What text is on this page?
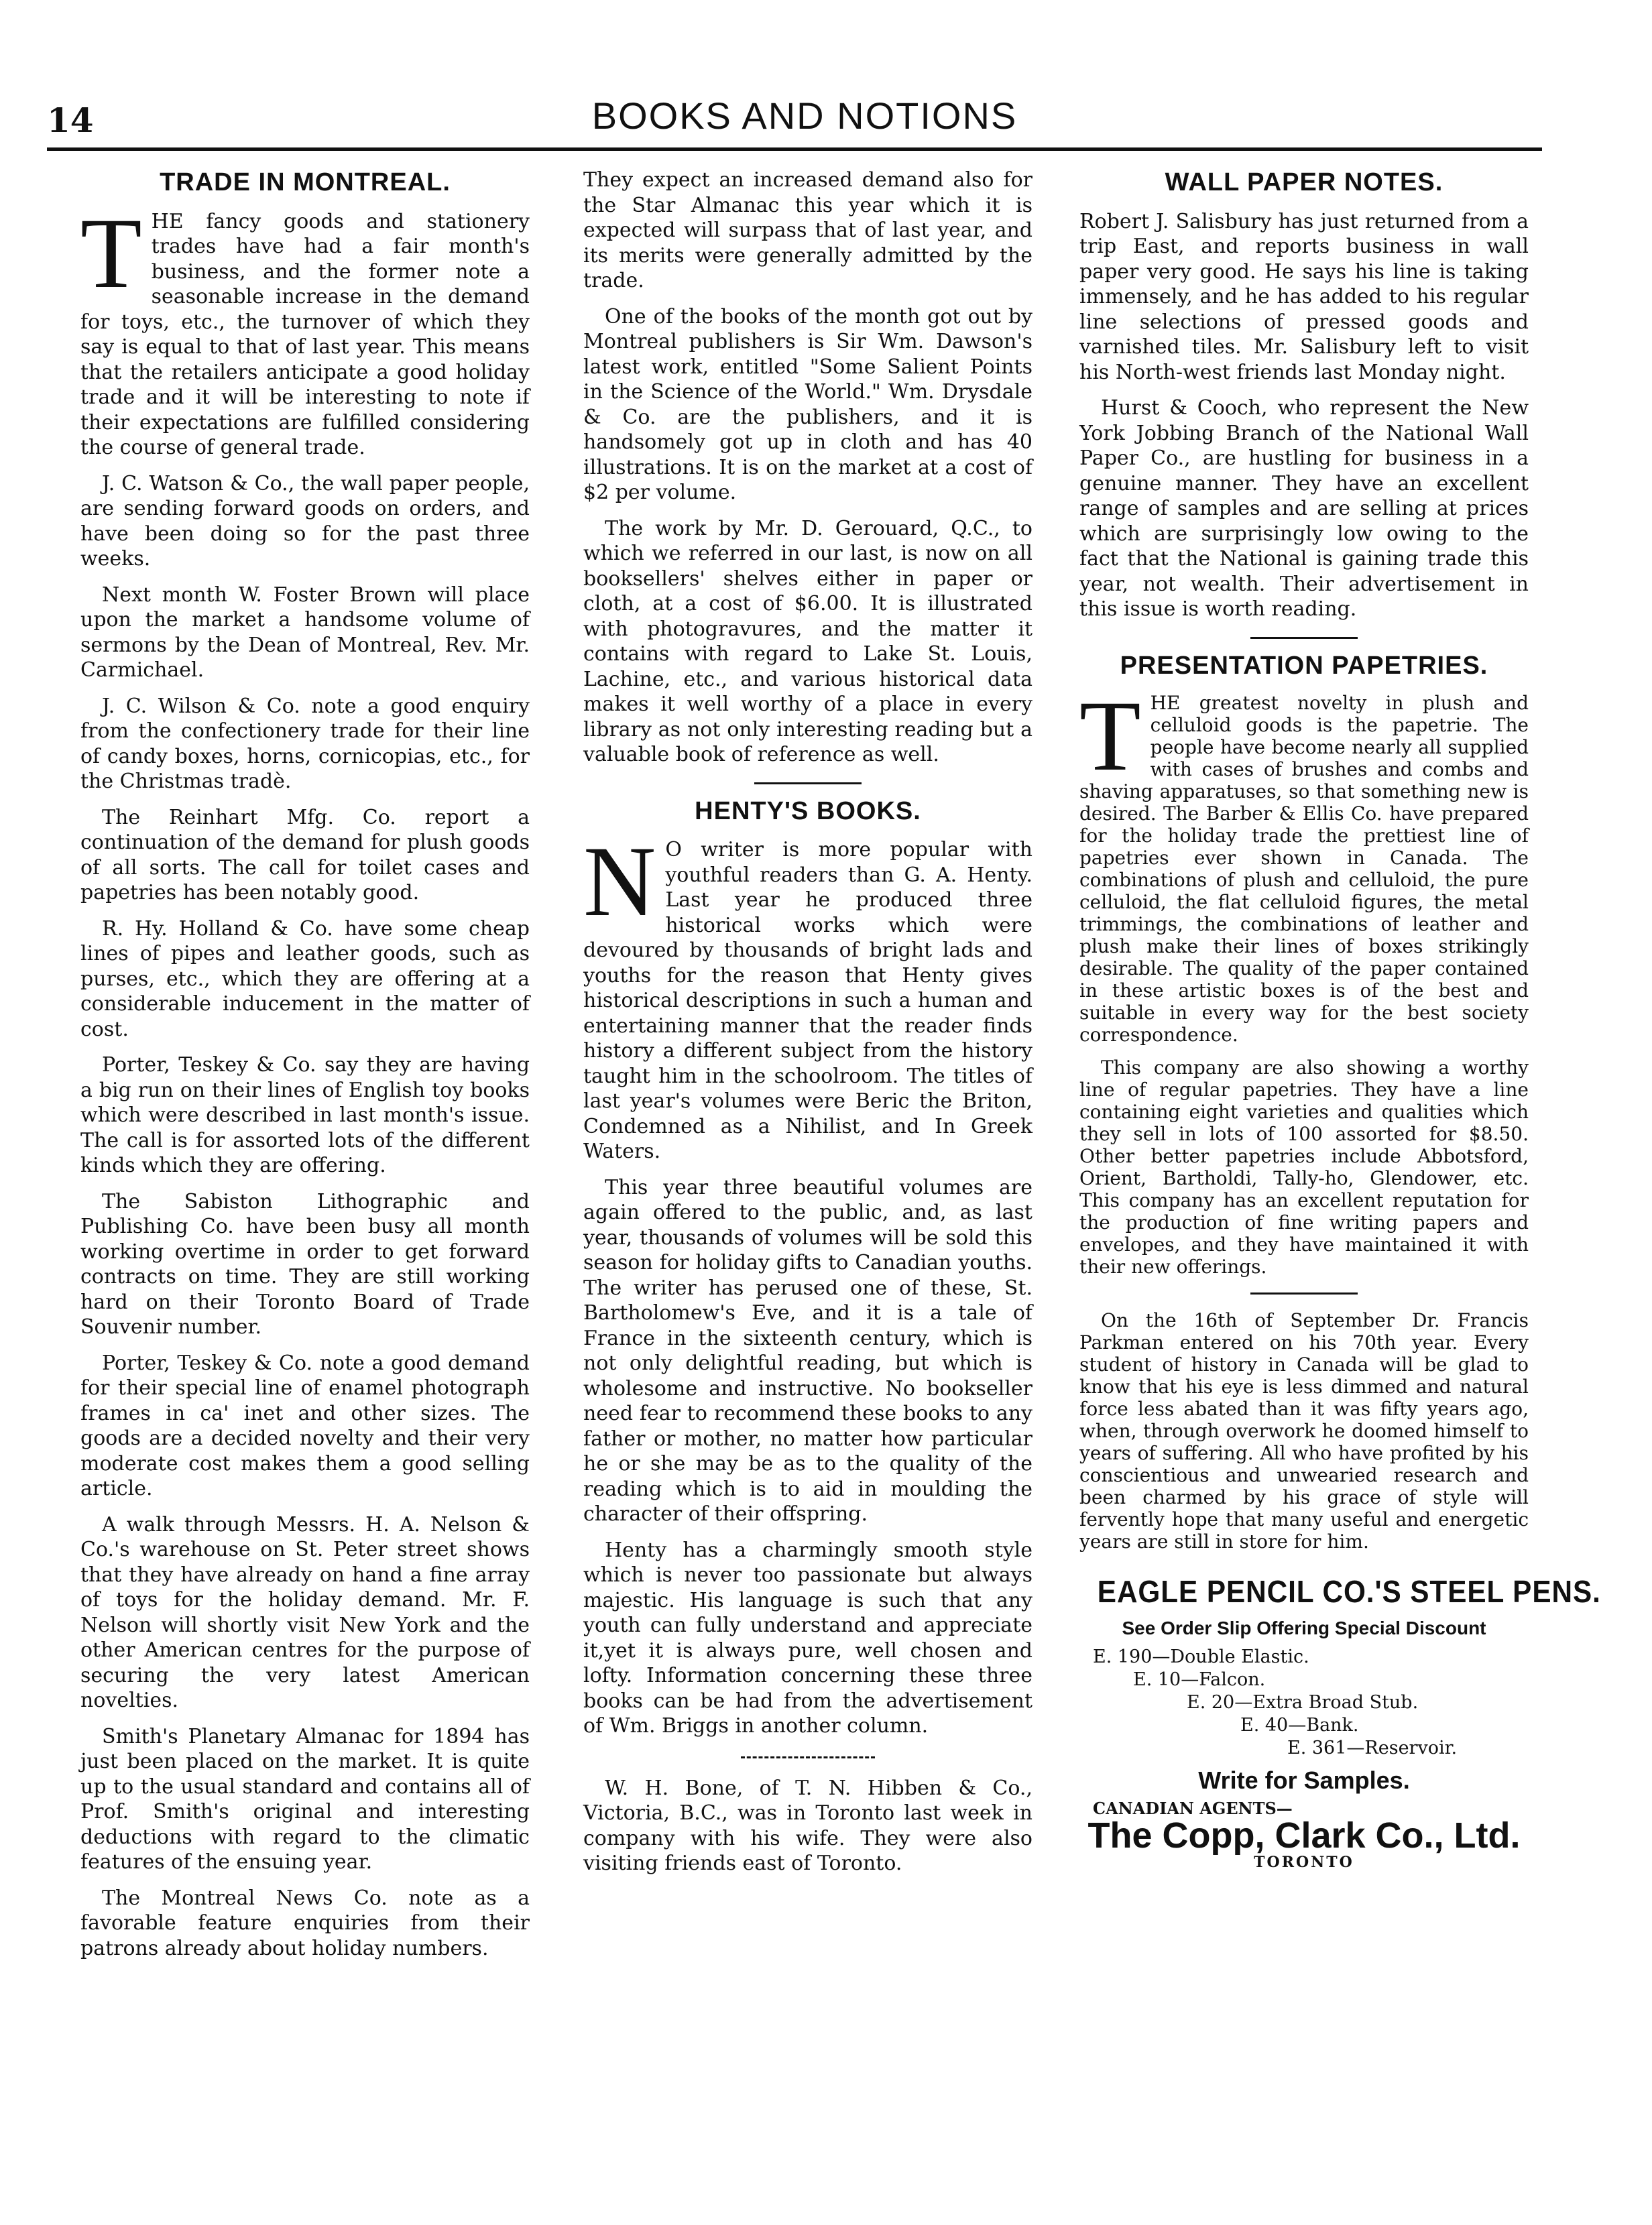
14	BOOKS AND NOTIONS
TRADE IN MONTREAL.

THE fancy goods and stationery trades have had a fair month's business, and the former note a seasonable increase in the demand for toys, etc., the turnover of which they say is equal to that of last year. This means that the retailers anticipate a good holiday trade and it will be interesting to note if their expectations are fulfilled considering the course of general trade.

J. C. Watson & Co., the wall paper people, are sending forward goods on orders, and have been doing so for the past three weeks.

Next month W. Foster Brown will place upon the market a handsome volume of sermons by the Dean of Montreal, Rev. Mr. Carmichael.

J. C. Wilson & Co. note a good enquiry from the confectionery trade for their line of candy boxes, horns, cornicopias, etc., for the Christmas tradè.

The Reinhart Mfg. Co. report a continuation of the demand for plush goods of all sorts. The call for toilet cases and papetries has been notably good.

R. Hy. Holland & Co. have some cheap lines of pipes and leather goods, such as purses, etc., which they are offering at a considerable inducement in the matter of cost.

Porter, Teskey & Co. say they are having a big run on their lines of English toy books which were described in last month's issue. The call is for assorted lots of the different kinds which they are offering.

The Sabiston Lithographic and Publishing Co. have been busy all month working overtime in order to get forward contracts on time. They are still working hard on their Toronto Board of Trade Souvenir number.

Porter, Teskey & Co. note a good demand for their special line of enamel photograph frames in ca' inet and other sizes. The goods are a decided novelty and their very moderate cost makes them a good selling article.

A walk through Messrs. H. A. Nelson & Co.'s warehouse on St. Peter street shows that they have already on hand a fine array of toys for the holiday demand. Mr. F. Nelson will shortly visit New York and the other American centres for the purpose of securing the very latest American novelties.

Smith's Planetary Almanac for 1894 has just been placed on the market. It is quite up to the usual standard and contains all of Prof. Smith's original and interesting deductions with regard to the climatic features of the ensuing year.

The Montreal News Co. note as a favorable feature enquiries from their patrons already about holiday numbers.

They expect an increased demand also for the Star Almanac this year which it is expected will surpass that of last year, and its merits were generally admitted by the trade.

One of the books of the month got out by Montreal publishers is Sir Wm. Dawson's latest work, entitled "Some Salient Points in the Science of the World." Wm. Drysdale & Co. are the publishers, and it is handsomely got up in cloth and has 40 illustrations. It is on the market at a cost of $2 per volume.

The work by Mr. D. Gerouard, Q.C., to which we referred in our last, is now on all booksellers' shelves either in paper or cloth, at a cost of $6.00. It is illustrated with photogravures, and the matter it contains with regard to Lake St. Louis, Lachine, etc., and various historical data makes it well worthy of a place in every library as not only interesting reading but a valuable book of reference as well.

HENTY'S BOOKS.

N O writer is more popular with youthful readers than G. A. Henty. Last year he produced three historical works which were devoured by thousands of bright lads and youths for the reason that Henty gives historical descriptions in such a human and entertaining manner that the reader finds history a different subject from the history taught him in the schoolroom. The titles of last year's volumes were Beric the Briton, Condemned as a Nihilist, and In Greek Waters.

This year three beautiful volumes are again offered to the public, and, as last year, thousands of volumes will be sold this season for holiday gifts to Canadian youths. The writer has perused one of these, St. Bartholomew's Eve, and it is a tale of France in the sixteenth century, which is not only delightful reading, but which is wholesome and instructive. No bookseller need fear to recommend these books to any father or mother, no matter how particular he or she may be as to the quality of the reading which is to aid in moulding the character of their offspring.

Henty has a charmingly smooth style which is never too passionate but always majestic. His language is such that any youth can fully understand and appreciate it,yet it is always pure, well chosen and lofty. Information concerning these three books can be had from the advertisement of Wm. Briggs in another column.

W. H. Bone, of T. N. Hibben & Co., Victoria, B.C., was in Toronto last week in company with his wife. They were also visiting friends east of Toronto.

WALL PAPER NOTES.

Robert J. Salisbury has just returned from a trip East, and reports business in wall paper very good. He says his line is taking immensely, and he has added to his regular line selections of pressed goods and varnished tiles. Mr. Salisbury left to visit his North-west friends last Monday night.

Hurst & Cooch, who represent the New York Jobbing Branch of the National Wall Paper Co., are hustling for business in a genuine manner. They have an excellent range of samples and are selling at prices which are surprisingly low owing to the fact that the National is gaining trade this year, not wealth. Their advertisement in this issue is worth reading.

PRESENTATION PAPETRIES.

THE greatest novelty in plush and celluloid goods is the papetrie. The people have become nearly all supplied with cases of brushes and combs and shaving apparatuses, so that something new is desired. The Barber & Ellis Co. have prepared for the holiday trade the prettiest line of papetries ever shown in Canada. The combinations of plush and celluloid, the pure celluloid, the flat celluloid figures, the metal trimmings, the combinations of leather and plush make their lines of boxes strikingly desirable. The quality of the paper contained in these artistic boxes is of the best and suitable in every way for the best society correspondence.

This company are also showing a worthy line of regular papetries. They have a line containing eight varieties and qualities which they sell in lots of 100 assorted for $8.50. Other better papetries include Abbotsford, Orient, Bartholdi, Tally-ho, Glendower, etc. This company has an excellent reputation for the production of fine writing papers and envelopes, and they have maintained it with their new offerings.

On the 16th of September Dr. Francis Parkman entered on his 70th year. Every student of history in Canada will be glad to know that his eye is less dimmed and natural force less abated than it was fifty years ago, when, through overwork he doomed himself to years of suffering. All who have profited by his conscientious and unwearied research and been charmed by his grace of style will fervently hope that many useful and energetic years are still in store for him.

EAGLE PENCIL CO.'S STEEL PENS.
See Order Slip Offering Special Discount
E. 190—Double Elastic.
E. 10—Falcon.
E. 20—Extra Broad Stub.
E. 40—Bank.
E. 361—Reservoir.
Write for Samples.
CANADIAN AGENTS—
The Copp, Clark Co., Ltd.
TORONTO
